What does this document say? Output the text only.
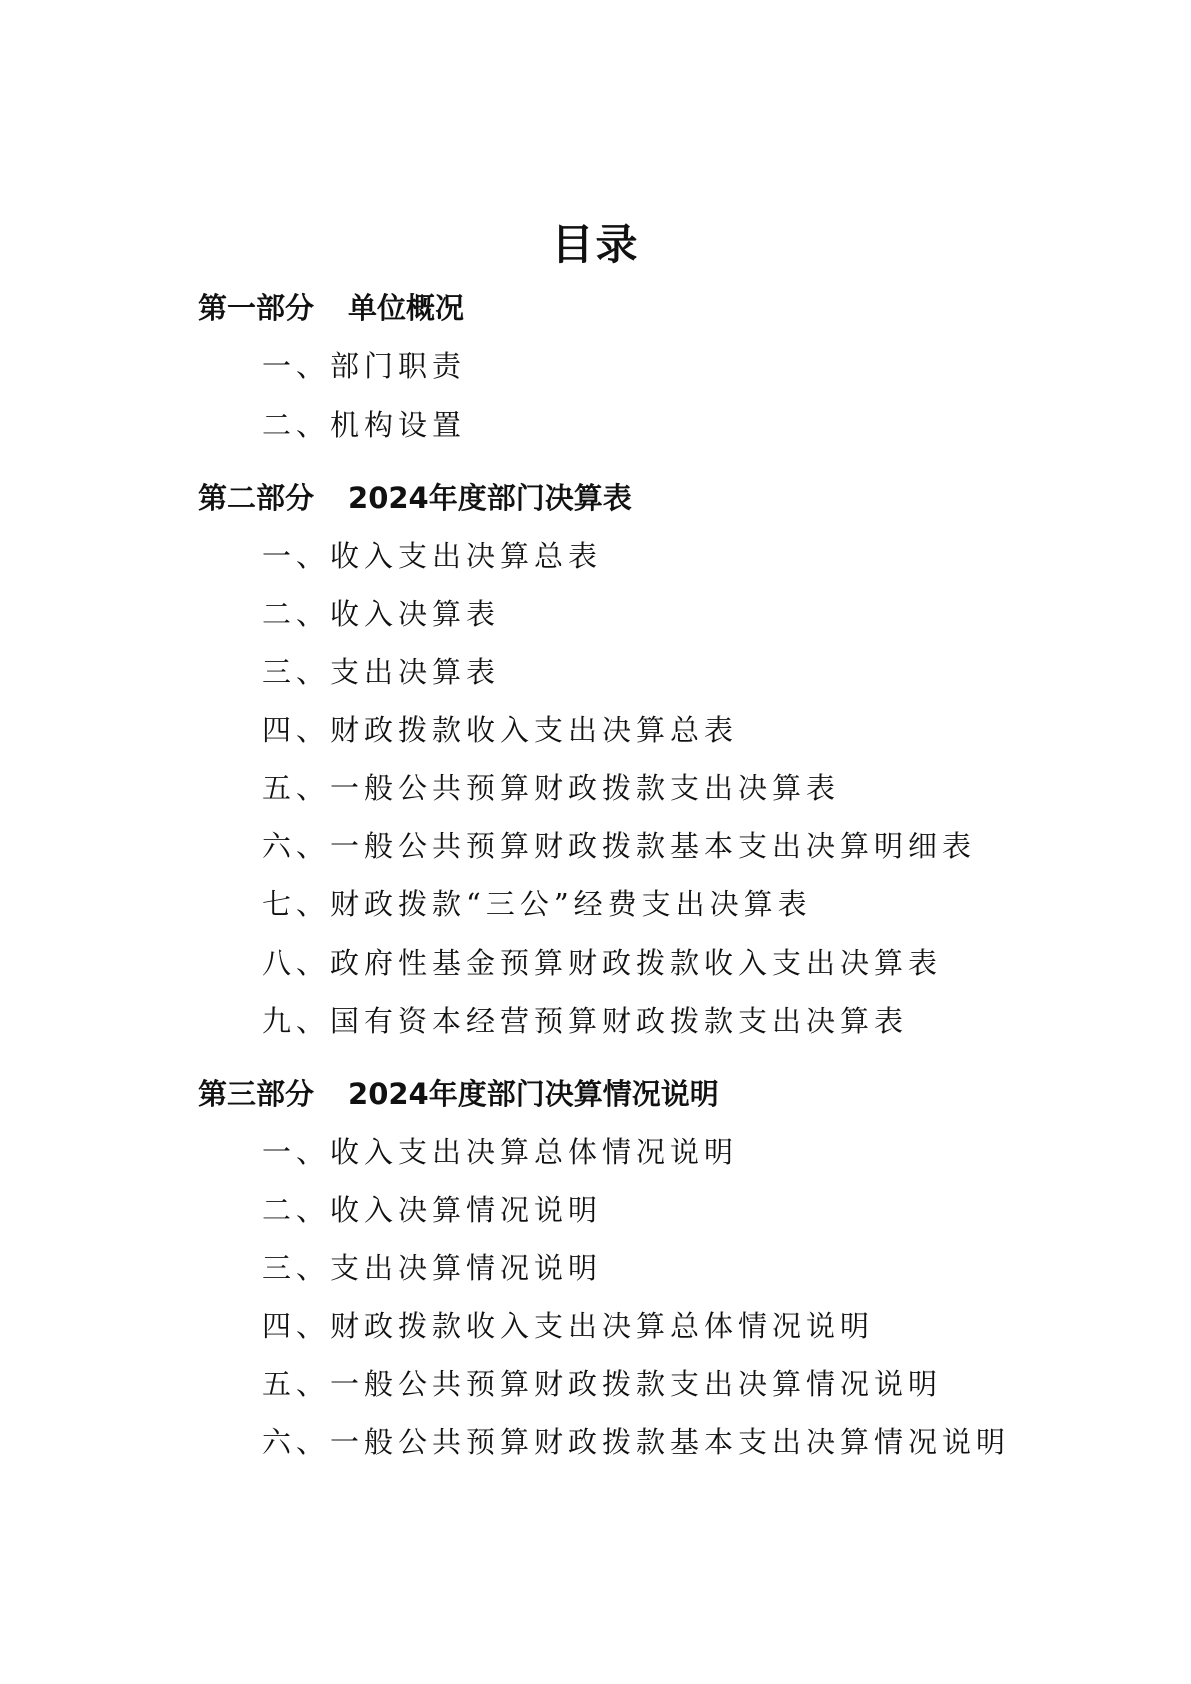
目录
第一部分 单位概况
一、部门职责
二、机构设置
第二部分 2024年度部门决算表
一、收入支出决算总表
二、收入决算表
三、支出决算表
四、财政拨款收入支出决算总表
五、一般公共预算财政拨款支出决算表
六、一般公共预算财政拨款基本支出决算明细表
七、财政拨款“三公”经费支出决算表
八、政府性基金预算财政拨款收入支出决算表
九、国有资本经营预算财政拨款支出决算表
第三部分 2024年度部门决算情况说明
一、收入支出决算总体情况说明
二、收入决算情况说明
三、支出决算情况说明
四、财政拨款收入支出决算总体情况说明
五、一般公共预算财政拨款支出决算情况说明
六、一般公共预算财政拨款基本支出决算情况说明
